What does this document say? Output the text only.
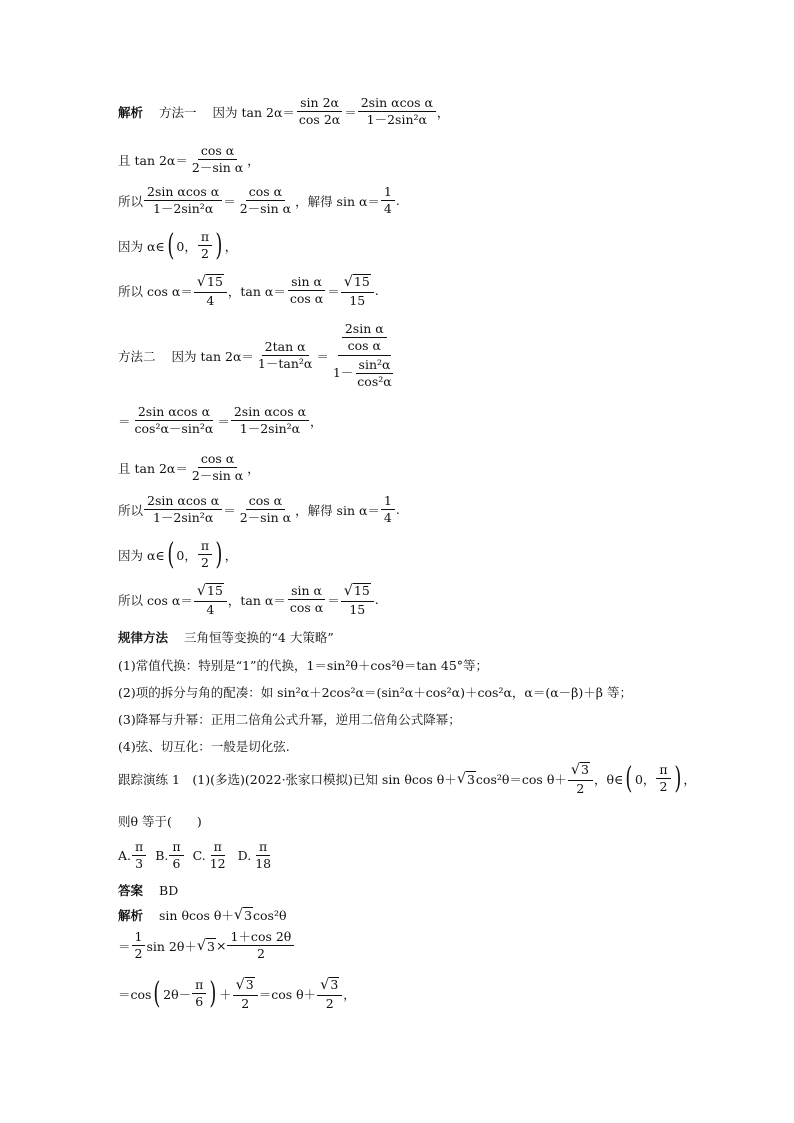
解析 方法一 因为 $\tan 2\alpha= \frac{\sin 2\alpha}{\cos 2\alpha} = \frac{\text{2sin αcos α}}{\text{1－2sin²α}}$ ，
且 $\tan 2\alpha= \frac{\text{cos α}}{\text{2－sin α}}$ ，
所以 $\frac{\text{2sin αcos α}}{\text{1－2sin²α}} = \frac{\text{cos α}}{\text{2－sin α}}$ ，解得 $\sin \alpha= \frac{1}{4}$ .
因为 α∈ ( 0， $\frac{\pi}{2}$ ) ，
所以 $\cos \alpha= \frac{√ 15}{4}$ ，$\tan \alpha= \frac{\text{sin α}}{\text{cos α}} = \frac{√ 15}{15}$ .
方法二 因为 $\tan 2\alpha= \frac{\text{2tan α}}{\text{1－tan²α}} = \frac{\frac{\text{2sin α}}{\text{cos α}}}{1- \frac{\text{sin²α}}{\text{cos²α}}}$
＝ $\frac{\text{2sin αcos α}}{\text{cos²α－sin²α}} = \frac{\text{2sin αcos α}}{\text{1－2sin²α}}$ ，
且 $\tan 2\alpha= \frac{\text{cos α}}{\text{2－sin α}}$ ，
所以 $\frac{\text{2sin αcos α}}{\text{1－2sin²α}} = \frac{\text{cos α}}{\text{2－sin α}}$ ，解得 $\sin \alpha= \frac{1}{4}$ .
因为 α∈ ( 0， $\frac{\pi}{2}$ ) ，
所以 $\cos \alpha= \frac{√ 15}{4}$ ，$\tan \alpha= \frac{\text{sin α}}{\text{cos α}} = \frac{√ 15}{15}$ .
规律方法 三角恒等变换的“4 大策略”
(1)常值代换：特别是“1”的代换，1＝sin²θ＋cos²θ＝tan 45°等；
(2)项的拆分与角的配凑：如 sin²α＋2cos²α＝(sin²α＋cos²α)＋cos²α，α＝(α－β)＋β 等；
(3)降幂与升幂：正用二倍角公式升幂，逆用二倍角公式降幂；
(4)弦、切互化：一般是切化弦.
跟踪演练 1　(1)(多选)(2022·张家口模拟)已知 sin θcos θ＋ √ 3 cos²θ＝cos $\theta+ \frac{√ 3}{2}$ ，θ∈ ( 0， $\frac{\pi}{2}$ ) ，
则θ 等于(　　)
A. $\frac{\pi}{3} B$. $\frac{\pi}{6} C$. $\frac{\pi}{12} D$. $\frac{\pi}{18}$
答案 BD
解析 sin θcos θ＋ √ 3 cos²θ
＝ $\frac{1}{2}$ sin 2θ＋ √ $3 \times \frac{1+\cos 2\theta}{2}$
＝cos ( $2\theta- \frac{\pi}{6}$ ) ＋ $\frac{√ 3}{2} =\cos$ $\theta+ \frac{√ 3}{2}$ ，
